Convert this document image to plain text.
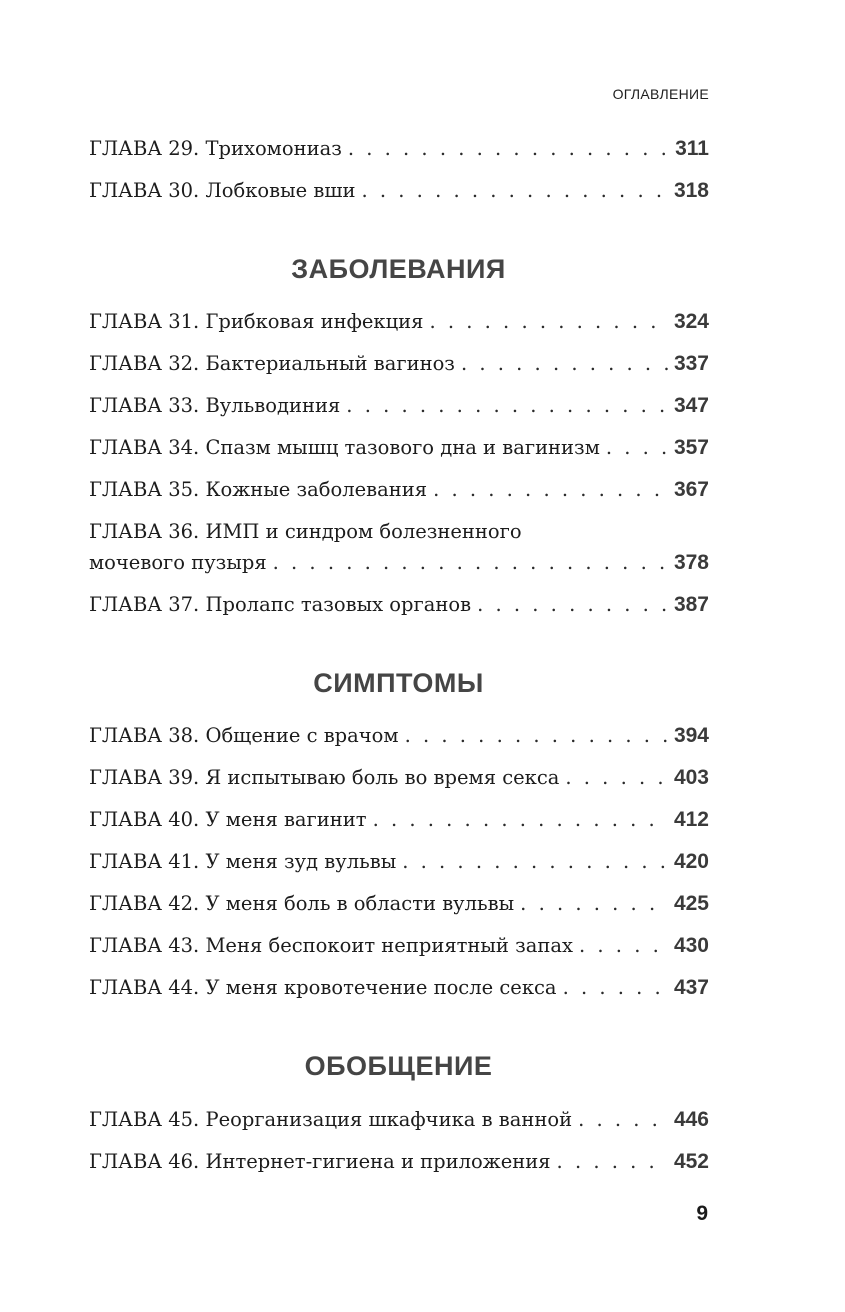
ОГЛАВЛЕНИЕ
ГЛАВА 29. Трихомониаз . . .	311
ГЛАВА 30. Лобковые вши . . .	318
ЗАБОЛЕВАНИЯ
ГЛАВА 31. Грибковая инфекция . . .	324
ГЛАВА 32. Бактериальный вагиноз . . .	337
ГЛАВА 33. Вульводиния . . .	347
ГЛАВА 34. Спазм мышц тазового дна и вагинизм . . .	357
ГЛАВА 35. Кожные заболевания . . .	367
ГЛАВА 36. ИМП и синдром болезненного
мочевого пузыря . . .	378
ГЛАВА 37. Пролапс тазовых органов . . .	387
СИМПТОМЫ
ГЛАВА 38. Общение с врачом . . .	394
ГЛАВА 39. Я испытываю боль во время секса . . .	403
ГЛАВА 40. У меня вагинит . . .	412
ГЛАВА 41. У меня зуд вульвы . . .	420
ГЛАВА 42. У меня боль в области вульвы . . .	425
ГЛАВА 43. Меня беспокоит неприятный запах . . .	430
ГЛАВА 44. У меня кровотечение после секса . . .	437
ОБОБЩЕНИЕ
ГЛАВА 45. Реорганизация шкафчика в ванной . . .	446
ГЛАВА 46. Интернет-гигиена и приложения . . .	452
9
